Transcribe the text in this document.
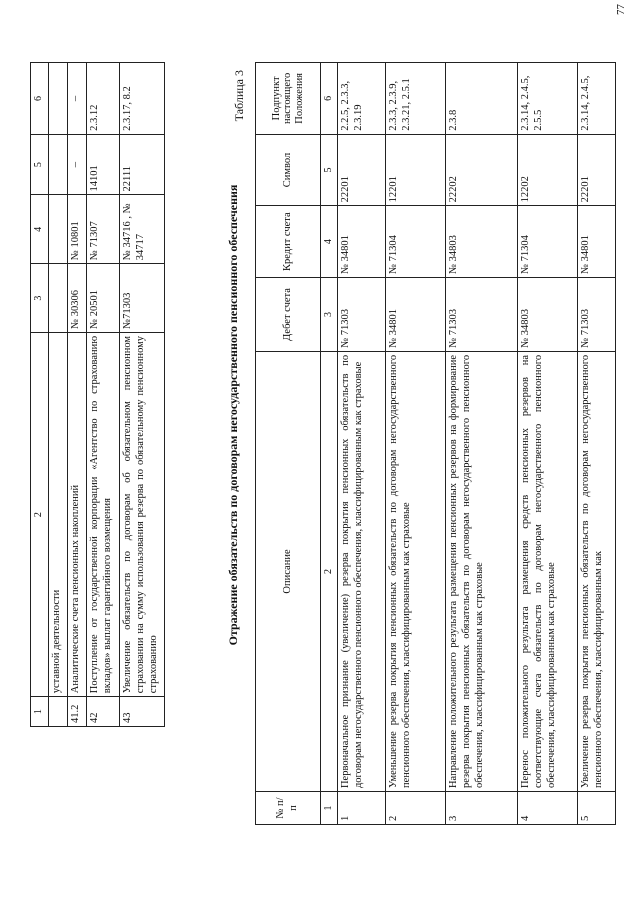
1	2	3	4	5	6
	уставной деятельности				
41.2	Аналитические счета пенсионных накоплений	№ 30306	№ 10801	–	–
42	Поступление от государственной корпорации «Агентство по страхованию вкладов» выплат гарантийного возмещения	№ 20501	№ 71307	14101	2.3.12
43	Увеличение обязательств по договорам об обязательном пенсионном страховании на сумму использования резерва по обязательному пенсионному страхованию	№71303	№ 34716 , № 34717	22111	2.3.17, 8.2
Отражение обязательств по договорам негосударственного пенсионного обеспечения
Таблица 3
№ п/п	Описание	Дебет счета	Кредит счета	Символ	Подпункт настоящего Положения
1	2	3	4	5	6
1	Первоначальное признание (увеличение) резерва покрытия пенсионных обязательств по договорам негосударственного пенсионного обеспечения, классифицированным как страховые	№ 71303	№ 34801	22201	2.2.5, 2.3.3, 2.3.19
2	Уменьшение резерва покрытия пенсионных обязательств по договорам негосударственного пенсионного обеспечения, классифицированным как страховые	№ 34801	№ 71304	12201	2.3.3, 2.3.9, 2.3.21, 2.5.1
3	Направление положительного результата размещения пенсионных резервов на формирование резерва покрытия пенсионных обязательств по договорам негосударственного пенсионного обеспечения, классифицированным как страховые	№ 71303	№ 34803	22202	2.3.8
4	Перенос положительного результата размещения средств пенсионных резервов на соответствующие счета обязательств по договорам негосударственного пенсионного обеспечения, классифицированным как страховые	№ 34803	№ 71304	12202	2.3.14, 2.4.5, 2.5.5
5	Увеличение резерва покрытия пенсионных обязательств по договорам негосударственного пенсионного обеспечения, классифицированным как	№ 71303	№ 34801	22201	2.3.14, 2.4.5,
77
